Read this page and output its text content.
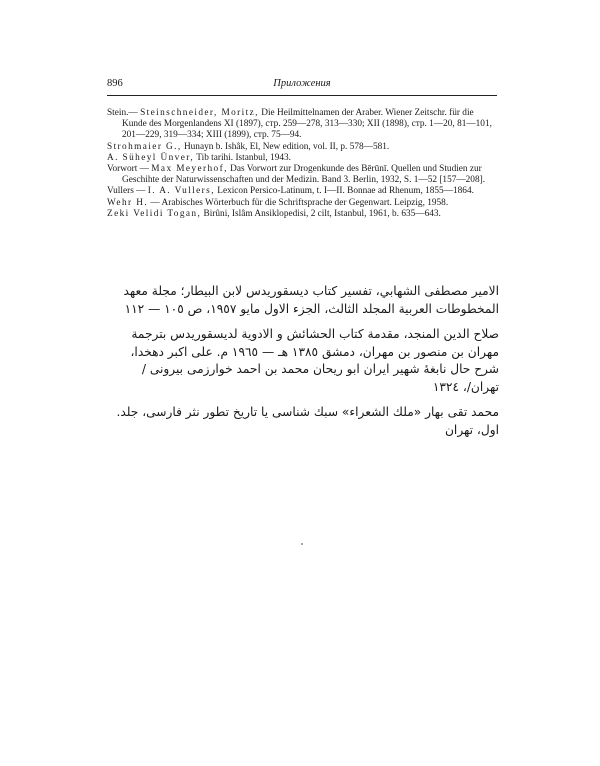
896	Приложения

Stein.— Steinschneider, Moritz, Die Heilmittelnamen der Araber. Wiener Zeitschr. für die Kunde des Morgenlandens XI (1897), стр. 259—278, 313—330; XII (1898), стр. 1—20, 81—101, 201—229, 319—334; XIII (1899), стр. 75—94.

Strohmaier G., Hunayn b. Ishâk, El, New edition, vol. II, p. 578—581.

A. Süheyl Ünver, Tib tarihi. Istanbul, 1943.

Vorwort — Max Meyerhof, Das Vorwort zur Drogenkunde des Bērūnī. Quellen und Studien zur Geschihte der Naturwissenschaften und der Medizin. Band 3. Berlin, 1932, S. 1—52 [157—208].

Vullers — I. A. Vullers, Lexicon Persico-Latinum, t. I—II. Bonnae ad Rhenum, 1855—1864.

Wehr H. — Arabisches Wörterbuch für die Schriftsprache der Gegenwart. Leipzig, 1958.

Zeki Velidi Togan, Birûni, Islâm Ansiklopedisi, 2 cilt, Istanbul, 1961, b. 635—643.

الامير مصطفى الشهابي، تفسير كتاب ديسقوريدس لابن البيطار؛ مجلة معهد المخطوطات العربية المجلد الثالث، الجزء الاول مايو ١٩٥٧، ص ١٠٥ — ١١٢

صلاح الدين المنجد، مقدمة كتاب الحشائش و الادوية لديسقوريدس بترجمة مهران بن منصور بن مهران، دمشق ١٣٨٥ هـ — ١٩٦٥ م. علی اکبر دهخدا، شرح حال نابغهٔ شهیر ایران ابو ریحان محمد بن احمد خوارزمی بیرونی /تهران/، ١٣٢٤

محمد تقی بهار «ملك الشعراء» سبك شناسی یا تاریخ تطور نثر فارسی، جلد. اول، تهران
